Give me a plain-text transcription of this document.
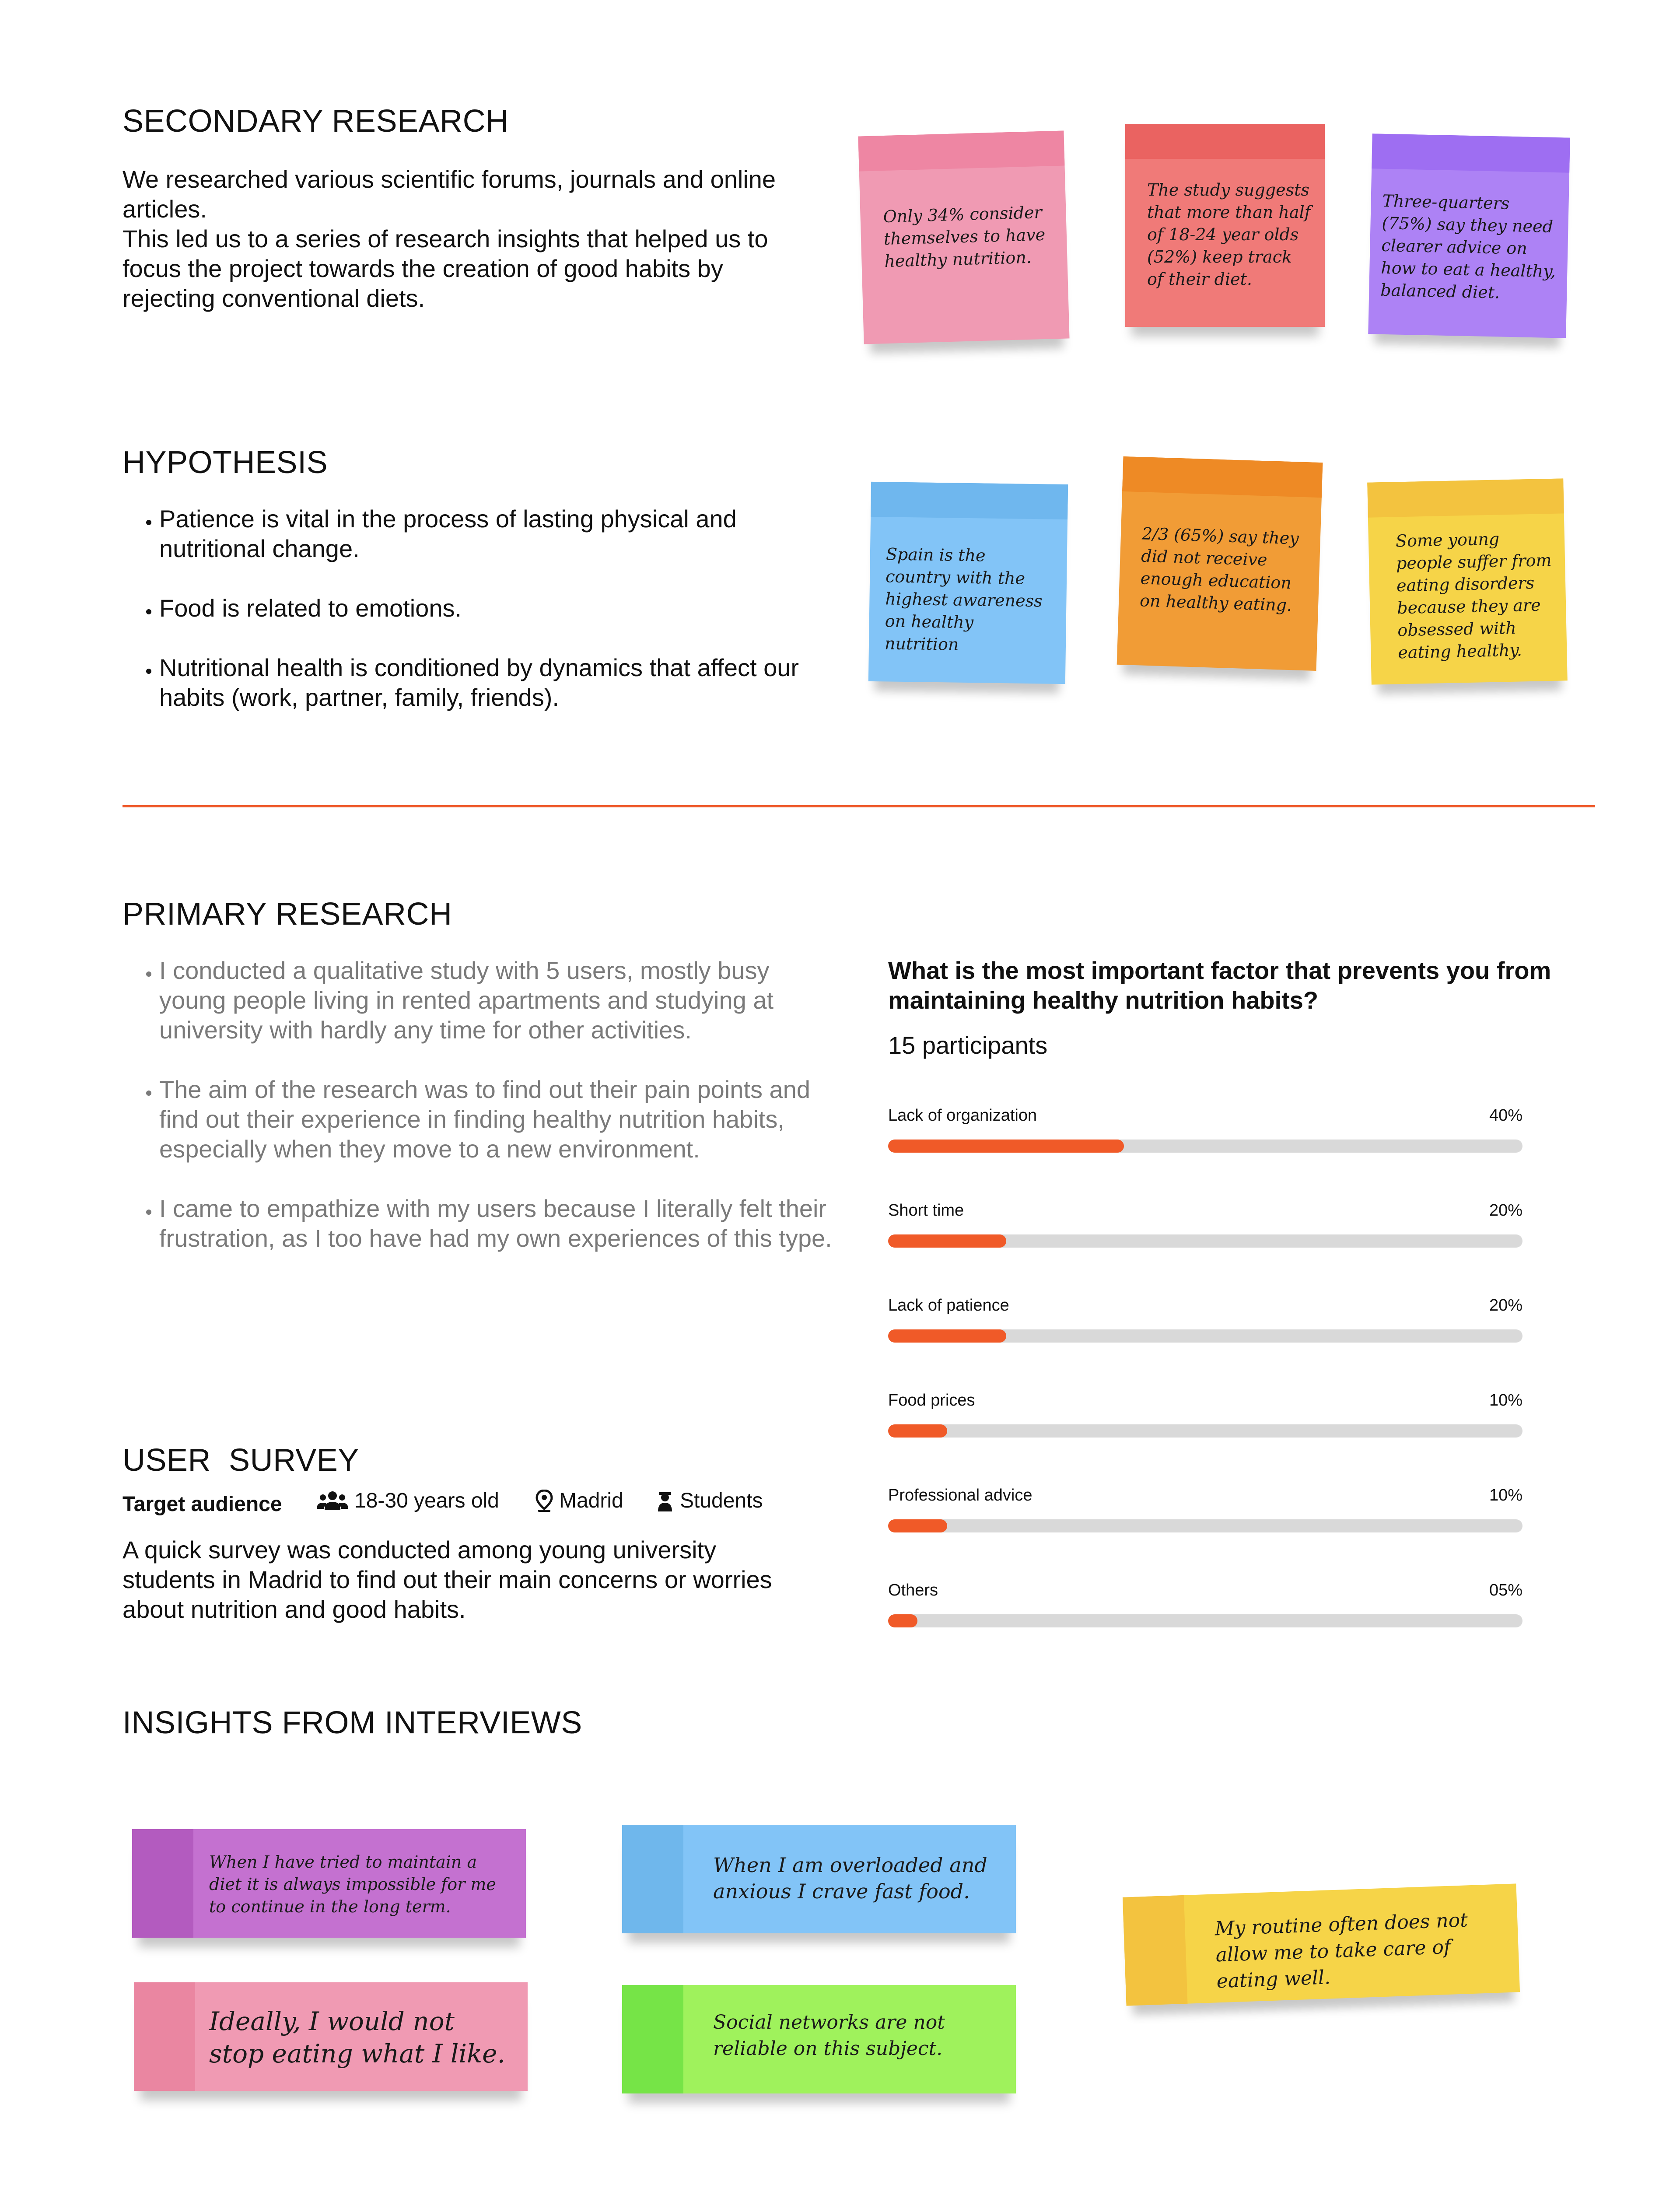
SECONDARY RESEARCH
We researched various scientific forums, journals and online articles.
This led us to a series of research insights that helped us to focus the project towards the creation of good habits by rejecting conventional diets.
Only 34% consider themselves to have healthy nutrition.
The study suggests that more than half of 18-24 year olds (52%) keep track of their diet.
Three-quarters (75%) say they need clearer advice on how to eat a healthy, balanced diet.
HYPOTHESIS
• Patience is vital in the process of lasting physical and nutritional change.
• Food is related to emotions.
• Nutritional health is conditioned by dynamics that affect our habits (work, partner, family, friends).
Spain is the country with the highest awareness on healthy nutrition
2/3 (65%) say they did not receive enough education on healthy eating.
Some young people suffer from eating disorders because they are obsessed with eating healthy.
PRIMARY RESEARCH
• I conducted a qualitative study with 5 users, mostly busy young people living in rented apartments and studying at university with hardly any time for other activities.
• The aim of the research was to find out their pain points and find out their experience in finding healthy nutrition habits, especially when they move to a new environment.
• I came to empathize with my users because I literally felt their frustration, as I too have had my own experiences of this type.
USER  SURVEY
Target audience	18-30 years old	Madrid	Students
A quick survey was conducted among young university students in Madrid to find out their main concerns or worries about nutrition and good habits.
What is the most important factor that prevents you from maintaining healthy nutrition habits?
15 participants
Lack of organization	40%
Short time	20%
Lack of patience	20%
Food prices	10%
Professional advice	10%
Others	05%
INSIGHTS FROM INTERVIEWS
When I have tried to maintain a diet it is always impossible for me to continue in the long term.
Ideally, I would not stop eating what I like.
When I am overloaded and anxious I crave fast food.
Social networks are not reliable on this subject.
My routine often does not allow me to take care of eating well.
